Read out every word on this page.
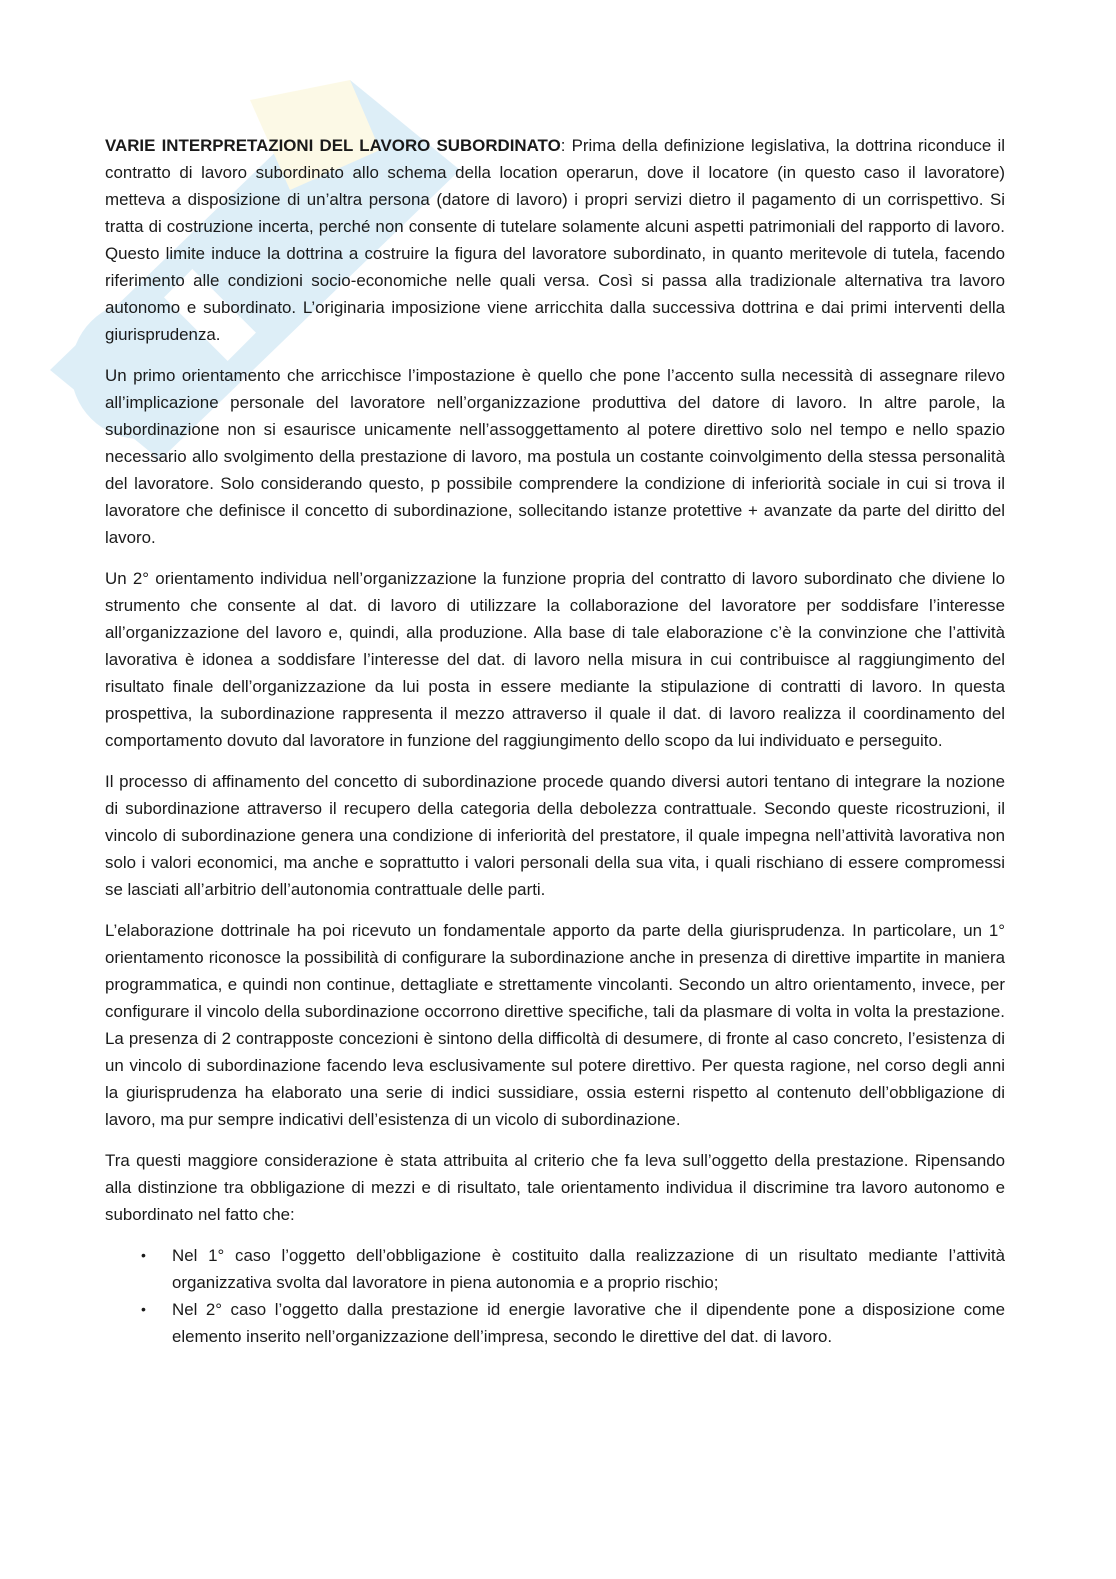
VARIE INTERPRETAZIONI DEL LAVORO SUBORDINATO: Prima della definizione legislativa, la dottrina riconduce il contratto di lavoro subordinato allo schema della location operarun, dove il locatore (in questo caso il lavoratore) metteva a disposizione di un’altra persona (datore di lavoro) i propri servizi dietro il pagamento di un corrispettivo. Si tratta di costruzione incerta, perché non consente di tutelare solamente alcuni aspetti patrimoniali del rapporto di lavoro. Questo limite induce la dottrina a costruire la figura del lavoratore subordinato, in quanto meritevole di tutela, facendo riferimento alle condizioni socio-economiche nelle quali versa. Così si passa alla tradizionale alternativa tra lavoro autonomo e subordinato. L’originaria imposizione viene arricchita dalla successiva dottrina e dai primi interventi della giurisprudenza.

Un primo orientamento che arricchisce l’impostazione è quello che pone l’accento sulla necessità di assegnare rilevo all’implicazione personale del lavoratore nell’organizzazione produttiva del datore di lavoro. In altre parole, la subordinazione non si esaurisce unicamente nell’assoggettamento al potere direttivo solo nel tempo e nello spazio necessario allo svolgimento della prestazione di lavoro, ma postula un costante coinvolgimento della stessa personalità del lavoratore. Solo considerando questo, p possibile comprendere la condizione di inferiorità sociale in cui si trova il lavoratore che definisce il concetto di subordinazione, sollecitando istanze protettive + avanzate da parte del diritto del lavoro.

Un 2° orientamento individua nell’organizzazione la funzione propria del contratto di lavoro subordinato che diviene lo strumento che consente al dat. di lavoro di utilizzare la collaborazione del lavoratore per soddisfare l’interesse all’organizzazione del lavoro e, quindi, alla produzione. Alla base di tale elaborazione c’è la convinzione che l’attività lavorativa è idonea a soddisfare l’interesse del dat. di lavoro nella misura in cui contribuisce al raggiungimento del risultato finale dell’organizzazione da lui posta in essere mediante la stipulazione di contratti di lavoro. In questa prospettiva, la subordinazione rappresenta il mezzo attraverso il quale il dat. di lavoro realizza il coordinamento del comportamento dovuto dal lavoratore in funzione del raggiungimento dello scopo da lui individuato e perseguito.

Il processo di affinamento del concetto di subordinazione procede quando diversi autori tentano di integrare la nozione di subordinazione attraverso il recupero della categoria della debolezza contrattuale. Secondo queste ricostruzioni, il vincolo di subordinazione genera una condizione di inferiorità del prestatore, il quale impegna nell’attività lavorativa non solo i valori economici, ma anche e soprattutto i valori personali della sua vita, i quali rischiano di essere compromessi se lasciati all’arbitrio dell’autonomia contrattuale delle parti.

L’elaborazione dottrinale ha poi ricevuto un fondamentale apporto da parte della giurisprudenza. In particolare, un 1° orientamento riconosce la possibilità di configurare la subordinazione anche in presenza di direttive impartite in maniera programmatica, e quindi non continue, dettagliate e strettamente vincolanti. Secondo un altro orientamento, invece, per configurare il vincolo della subordinazione occorrono direttive specifiche, tali da plasmare di volta in volta la prestazione. La presenza di 2 contrapposte concezioni è sintono della difficoltà di desumere, di fronte al caso concreto, l’esistenza di un vincolo di subordinazione facendo leva esclusivamente sul potere direttivo. Per questa ragione, nel corso degli anni la giurisprudenza ha elaborato una serie di indici sussidiare, ossia esterni rispetto al contenuto dell’obbligazione di lavoro, ma pur sempre indicativi dell’esistenza di un vicolo di subordinazione.

Tra questi maggiore considerazione è stata attribuita al criterio che fa leva sull’oggetto della prestazione. Ripensando alla distinzione tra obbligazione di mezzi e di risultato, tale orientamento individua il discrimine tra lavoro autonomo e subordinato nel fatto che:

• Nel 1° caso l’oggetto dell’obbligazione è costituito dalla realizzazione di un risultato mediante l’attività organizzativa svolta dal lavoratore in piena autonomia e a proprio rischio;
• Nel 2° caso l’oggetto dalla prestazione id energie lavorative che il dipendente pone a disposizione come elemento inserito nell’organizzazione dell’impresa, secondo le direttive del dat. di lavoro.
